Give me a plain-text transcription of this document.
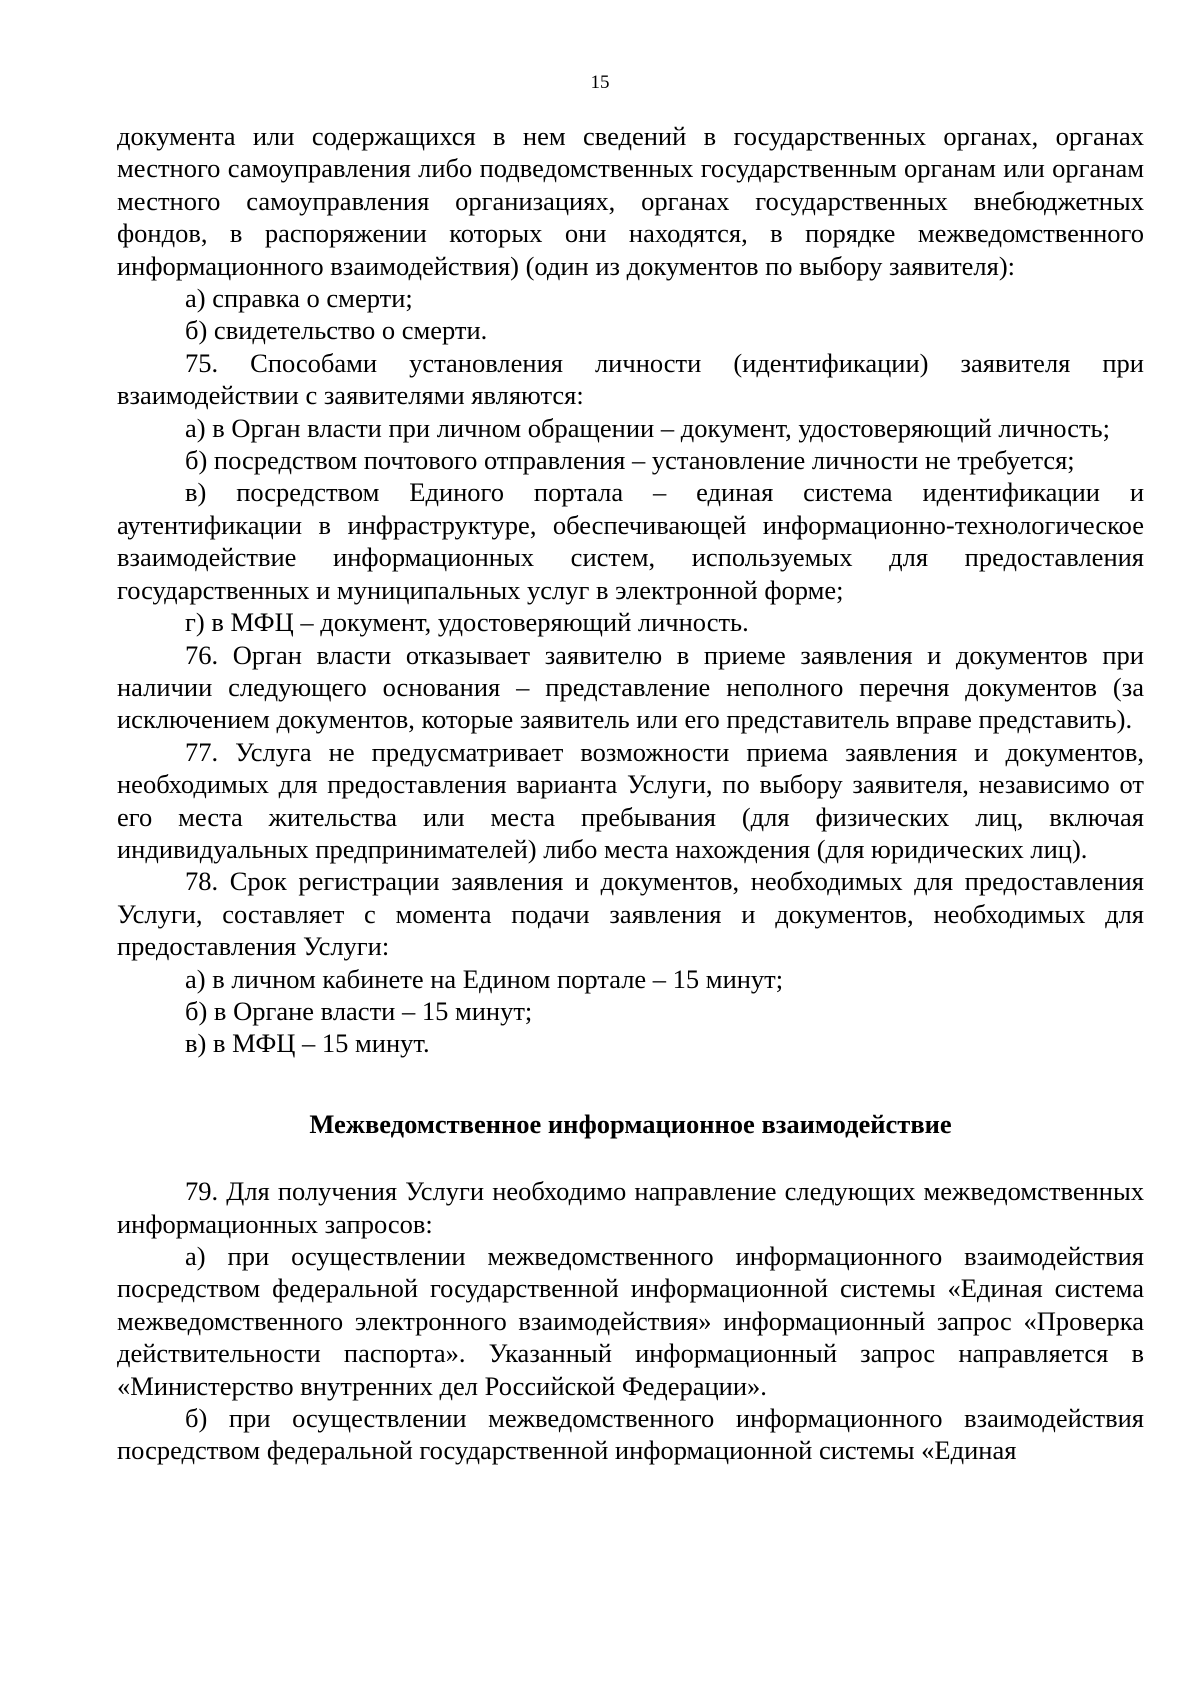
15

документа или содержащихся в нем сведений в государственных органах, органах местного самоуправления либо подведомственных государственным органам или органам местного самоуправления организациях, органах государственных внебюджетных фондов, в распоряжении которых они находятся, в порядке межведомственного информационного взаимодействия) (один из документов по выбору заявителя):

а) справка о смерти;

б) свидетельство о смерти.

75. Способами установления личности (идентификации) заявителя при взаимодействии с заявителями являются:

а) в Орган власти при личном обращении – документ, удостоверяющий личность;

б) посредством почтового отправления – установление личности не требуется;

в) посредством Единого портала – единая система идентификации и аутентификации в инфраструктуре, обеспечивающей информационно-технологическое взаимодействие информационных систем, используемых для предоставления государственных и муниципальных услуг в электронной форме;

г) в МФЦ – документ, удостоверяющий личность.

76. Орган власти отказывает заявителю в приеме заявления и документов при наличии следующего основания – представление неполного перечня документов (за исключением документов, которые заявитель или его представитель вправе представить).

77. Услуга не предусматривает возможности приема заявления и документов, необходимых для предоставления варианта Услуги, по выбору заявителя, независимо от его места жительства или места пребывания (для физических лиц, включая индивидуальных предпринимателей) либо места нахождения (для юридических лиц).

78. Срок регистрации заявления и документов, необходимых для предоставления Услуги, составляет с момента подачи заявления и документов, необходимых для предоставления Услуги:

а) в личном кабинете на Едином портале – 15 минут;

б) в Органе власти – 15 минут;

в) в МФЦ – 15 минут.

Межведомственное информационное взаимодействие

79. Для получения Услуги необходимо направление следующих межведомственных информационных запросов:

а) при осуществлении межведомственного информационного взаимодействия посредством федеральной государственной информационной системы «Единая система межведомственного электронного взаимодействия» информационный запрос «Проверка действительности паспорта». Указанный информационный запрос направляется в «Министерство внутренних дел Российской Федерации».

б) при осуществлении межведомственного информационного взаимодействия посредством федеральной государственной информационной системы «Единая
